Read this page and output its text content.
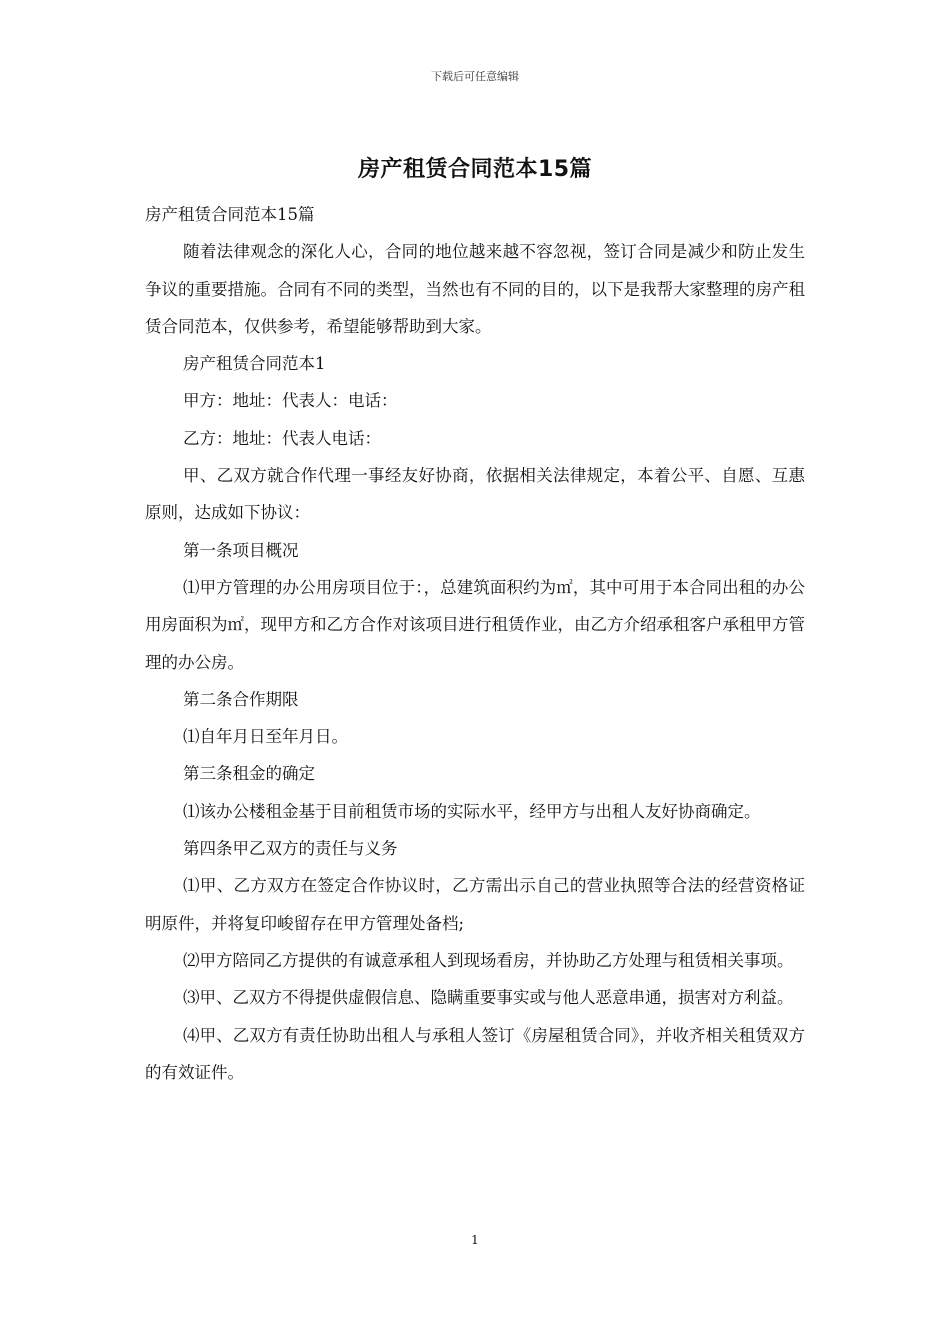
下载后可任意编辑
房产租赁合同范本15篇

房产租赁合同范本15篇

随着法律观念的深化人心，合同的地位越来越不容忽视，签订合同是减少和防止发生争议的重要措施。合同有不同的类型，当然也有不同的目的，以下是我帮大家整理的房产租赁合同范本，仅供参考，希望能够帮助到大家。

房产租赁合同范本1

甲方：地址：代表人：电话：

乙方：地址：代表人电话：

甲、乙双方就合作代理一事经友好协商，依据相关法律规定，本着公平、自愿、互惠原则，达成如下协议：

第一条项目概况

⑴甲方管理的办公用房项目位于：，总建筑面积约为㎡，其中可用于本合同出租的办公用房面积为㎡，现甲方和乙方合作对该项目进行租赁作业，由乙方介绍承租客户承租甲方管理的办公房。

第二条合作期限

⑴自年月日至年月日。

第三条租金的确定

⑴该办公楼租金基于目前租赁市场的实际水平，经甲方与出租人友好协商确定。

第四条甲乙双方的责任与义务

⑴甲、乙方双方在签定合作协议时，乙方需出示自己的营业执照等合法的经营资格证明原件，并将复印峻留存在甲方管理处备档;

⑵甲方陪同乙方提供的有诚意承租人到现场看房，并协助乙方处理与租赁相关事项。

⑶甲、乙双方不得提供虚假信息、隐瞒重要事实或与他人恶意串通，损害对方利益。

⑷甲、乙双方有责任协助出租人与承租人签订《房屋租赁合同》，并收齐相关租赁双方的有效证件。

1
